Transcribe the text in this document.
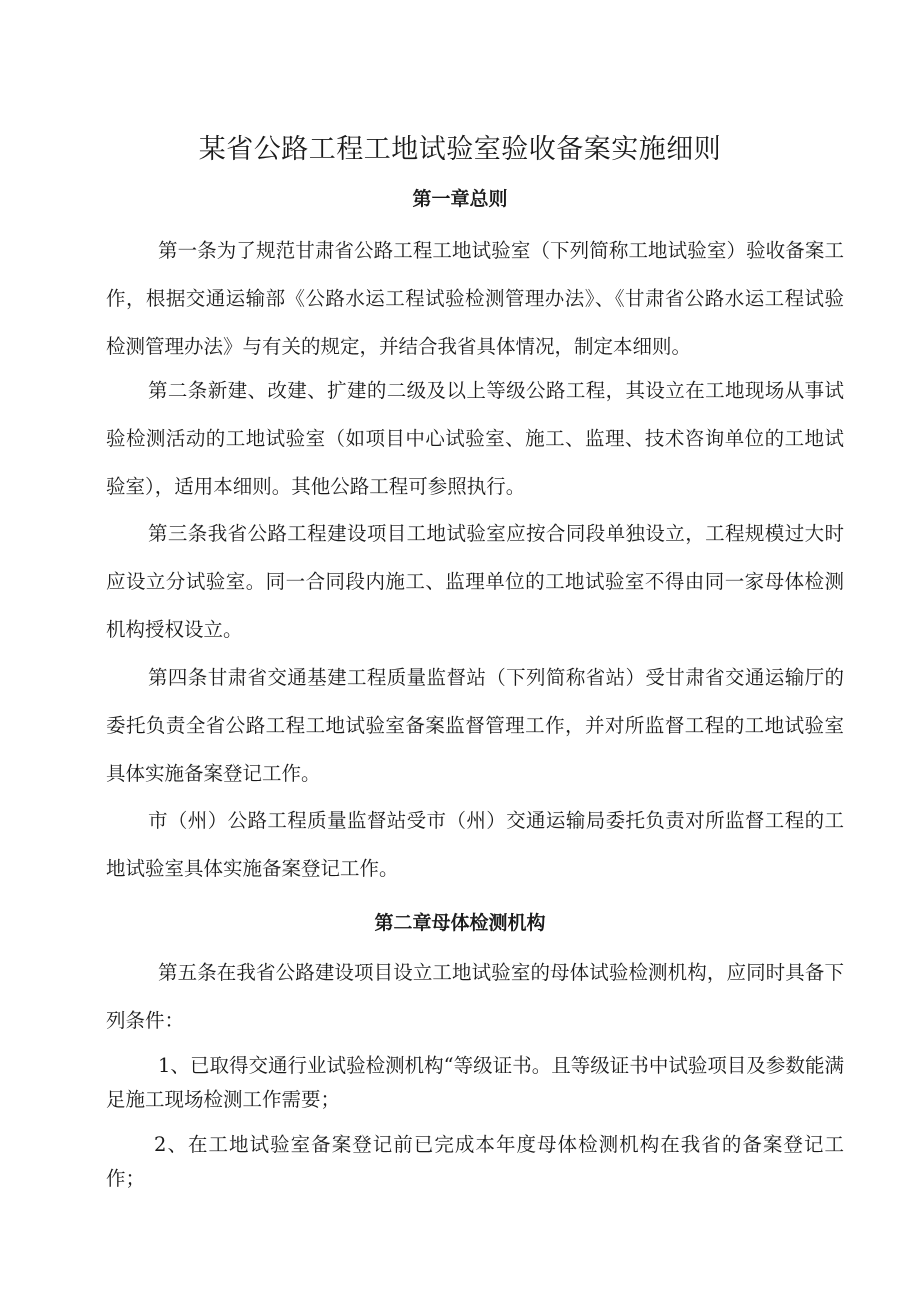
某省公路工程工地试验室验收备案实施细则
第一章总则

第一条为了规范甘肃省公路工程工地试验室（下列简称工地试验室）验收备案工作，根据交通运输部《公路水运工程试验检测管理办法》、《甘肃省公路水运工程试验检测管理办法》与有关的规定，并结合我省具体情况，制定本细则。

第二条新建、改建、扩建的二级及以上等级公路工程，其设立在工地现场从事试验检测活动的工地试验室（如项目中心试验室、施工、监理、技术咨询单位的工地试验室），适用本细则。其他公路工程可参照执行。

第三条我省公路工程建设项目工地试验室应按合同段单独设立，工程规模过大时应设立分试验室。同一合同段内施工、监理单位的工地试验室不得由同一家母体检测机构授权设立。

第四条甘肃省交通基建工程质量监督站（下列简称省站）受甘肃省交通运输厅的委托负责全省公路工程工地试验室备案监督管理工作，并对所监督工程的工地试验室具体实施备案登记工作。

市（州）公路工程质量监督站受市（州）交通运输局委托负责对所监督工程的工地试验室具体实施备案登记工作。

第二章母体检测机构

第五条在我省公路建设项目设立工地试验室的母体试验检测机构，应同时具备下列条件：

1、已取得交通行业试验检测机构“等级证书。且等级证书中试验项目及参数能满足施工现场检测工作需要；

2、在工地试验室备案登记前已完成本年度母体检测机构在我省的备案登记工作；
